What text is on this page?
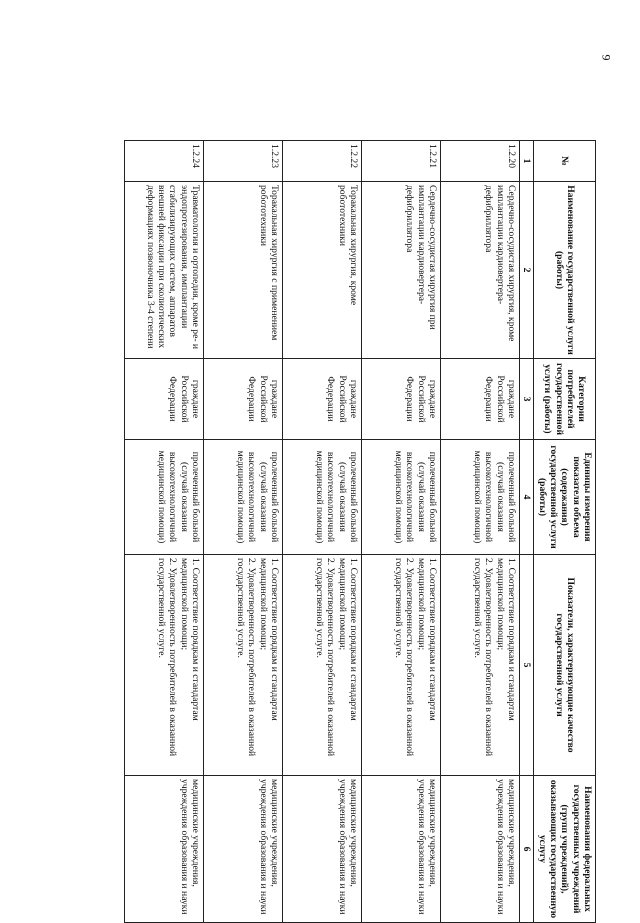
9
№	Наименование государственной услуги (работы)	Категории потребителей государственной услуги (работы)	Единицы измерения показателя объема (содержания) государственной услуги (работы)	Показатели, характеризующие качество государственной услуги	Наименования федеральных государственных учреждений (групп учреждений), оказывающих государственную услугу
1	2	3	4	5	6
1.2.20	Сердечно-сосудистая хирургия, кроме имплантации кардиовертера-дефибриллятора	граждане Российской Федерации	пролеченный больной (случай оказания высокотехнологичной медицинской помощи)	1. Соответствие порядкам и стандартам медицинской помощи;
2. Удовлетворенность потребителей в оказанной государственной услуге.	медицинские учреждения, учреждения образования и науки
1.2.21	Сердечно-сосудистая хирургия при имплантации кардиовертера-дефибриллятора	граждане Российской Федерации	пролеченный больной (случай оказания высокотехнологичной медицинской помощи)	1. Соответствие порядкам и стандартам медицинской помощи;
2. Удовлетворенность потребителей в оказанной государственной услуге.	медицинские учреждения, учреждения образования и науки
1.2.22	Торакальная хирургия, кроме робототехники	граждане Российской Федерации	пролеченный больной (случай оказания высокотехнологичной медицинской помощи)	1. Соответствие порядкам и стандартам медицинской помощи;
2. Удовлетворенность потребителей в оказанной государственной услуге.	медицинские учреждения, учреждения образования и науки
1.2.23	Торакальная хирургия с применением робототехники	граждане Российской Федерации	пролеченный больной (случай оказания высокотехнологичной медицинской помощи)	1. Соответствие порядкам и стандартам медицинской помощи;
2. Удовлетворенность потребителей в оказанной государственной услуге.	медицинские учреждения, учреждения образования и науки
1.2.24	Травматология и ортопедия, кроме ре- и эндопротезирования, имплантации стабилизирующих систем, аппаратов внешней фиксации при сколиотических деформациях позвоночника 3-4 степени	граждане Российской Федерации	пролеченный больной (случай оказания высокотехнологичной медицинской помощи)	1. Соответствие порядкам и стандартам медицинской помощи;
2. Удовлетворенность потребителей в оказанной государственной услуге.	медицинские учреждения, учреждения образования и науки
